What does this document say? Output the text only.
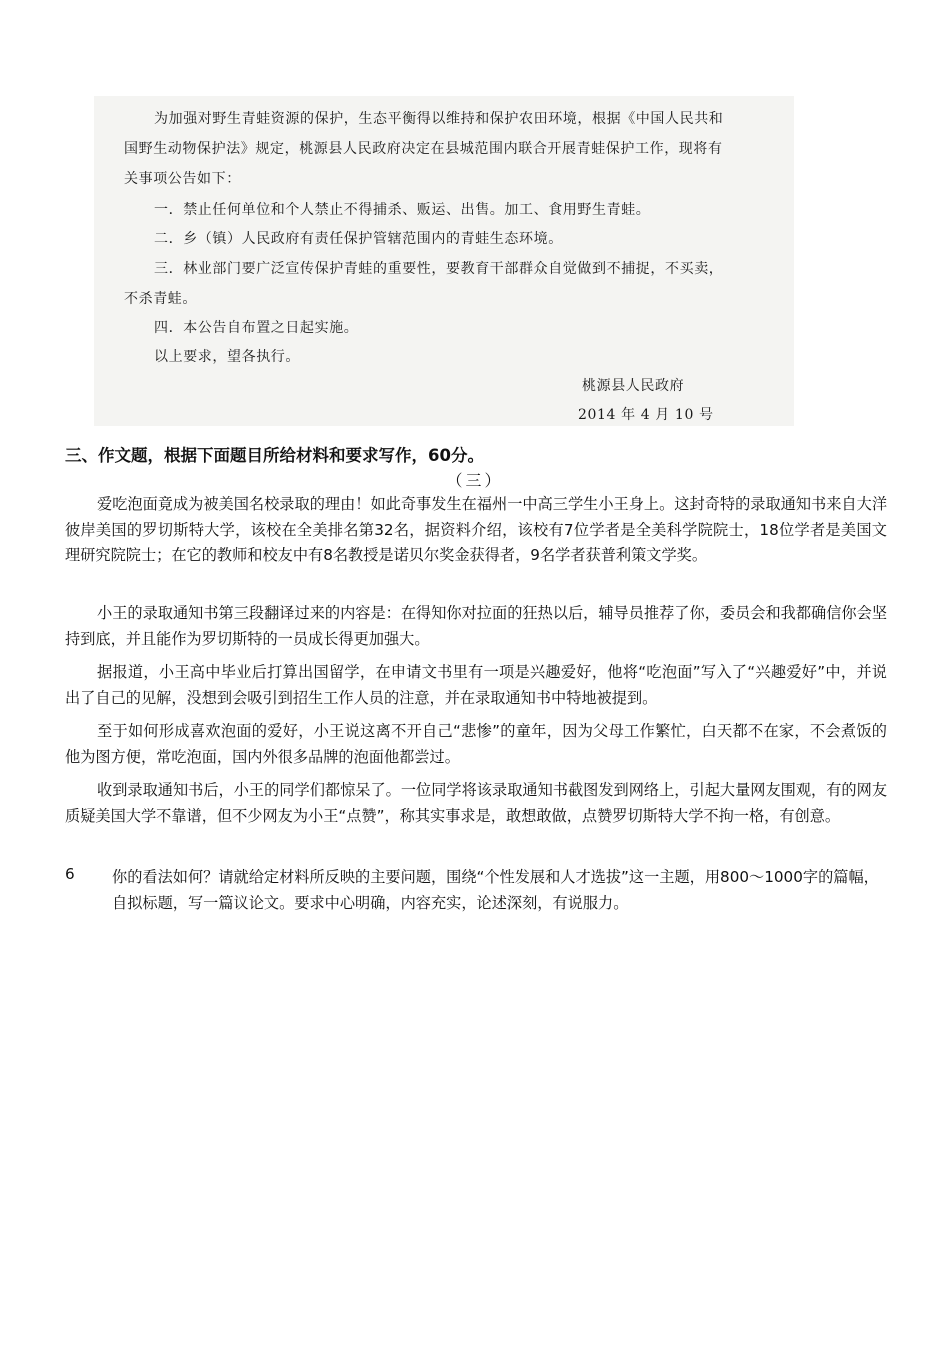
为加强对野生青蛙资源的保护，生态平衡得以维持和保护农田环境，根据《中国人民共和
国野生动物保护法》规定，桃源县人民政府决定在县城范围内联合开展青蛙保护工作，现将有
关事项公告如下：
一．禁止任何单位和个人禁止不得捕杀、贩运、出售。加工、食用野生青蛙。
二．乡（镇）人民政府有责任保护管辖范围内的青蛙生态环境。
三．林业部门要广泛宣传保护青蛙的重要性，要教育干部群众自觉做到不捕捉，不买卖，
不杀青蛙。
四．本公告自布置之日起实施。
以上要求，望各执行。
桃源县人民政府
2014 年 4 月 10 号
三、作文题，根据下面题目所给材料和要求写作，60分。
（三）

爱吃泡面竟成为被美国名校录取的理由！如此奇事发生在福州一中高三学生小王身上。这封奇特的录取通知书来自大洋彼岸美国的罗切斯特大学，该校在全美排名第32名，据资料介绍，该校有7位学者是全美科学院院士，18位学者是美国文理研究院院士；在它的教师和校友中有8名教授是诺贝尔奖金获得者，9名学者获普利策文学奖。

小王的录取通知书第三段翻译过来的内容是：在得知你对拉面的狂热以后，辅导员推荐了你，委员会和我都确信你会坚持到底，并且能作为罗切斯特的一员成长得更加强大。

据报道，小王高中毕业后打算出国留学，在申请文书里有一项是兴趣爱好，他将“吃泡面”写入了“兴趣爱好”中，并说出了自己的见解，没想到会吸引到招生工作人员的注意，并在录取通知书中特地被提到。

至于如何形成喜欢泡面的爱好，小王说这离不开自己“悲惨”的童年，因为父母工作繁忙，白天都不在家，不会煮饭的他为图方便，常吃泡面，国内外很多品牌的泡面他都尝过。

收到录取通知书后，小王的同学们都惊呆了。一位同学将该录取通知书截图发到网络上，引起大量网友围观，有的网友质疑美国大学不靠谱，但不少网友为小王“点赞”，称其实事求是，敢想敢做，点赞罗切斯特大学不拘一格，有创意。

6 你的看法如何？请就给定材料所反映的主要问题，围绕“个性发展和人才选拔”这一主题，用800～1000字的篇幅，自拟标题，写一篇议论文。要求中心明确，内容充实，论述深刻，有说服力。
